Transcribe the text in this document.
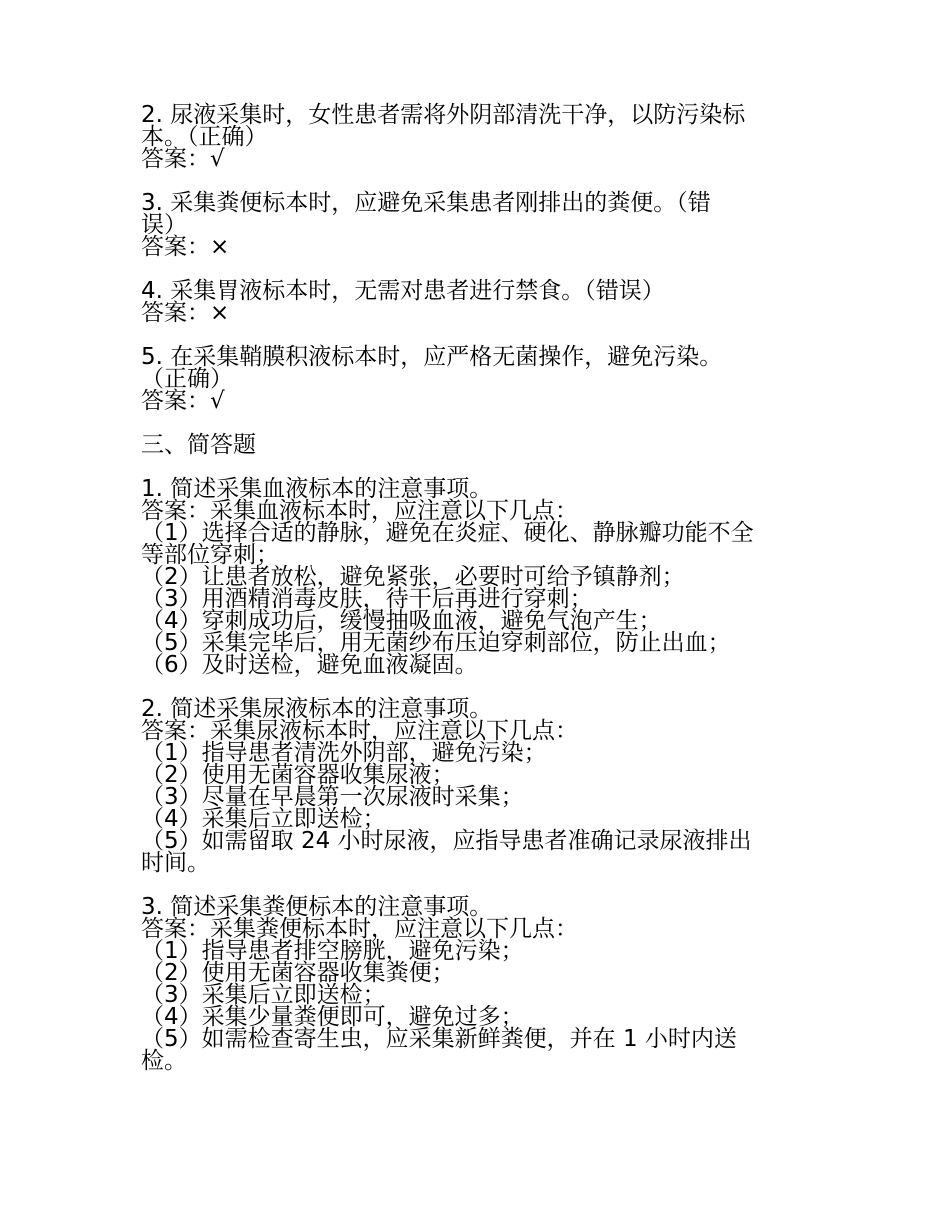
2. 尿液采集时，女性患者需将外阴部清洗干净，以防污染标

本。（正确）

答案：√

3. 采集粪便标本时，应避免采集患者刚排出的粪便。（错

误）

答案：×

4. 采集胃液标本时，无需对患者进行禁食。（错误）

答案：×

5. 在采集鞘膜积液标本时，应严格无菌操作，避免污染。

（正确）

答案：√

三、简答题

1. 简述采集血液标本的注意事项。

答案：采集血液标本时，应注意以下几点：

（1）选择合适的静脉，避免在炎症、硬化、静脉瓣功能不全

等部位穿刺；

（2）让患者放松，避免紧张，必要时可给予镇静剂；

（3）用酒精消毒皮肤，待干后再进行穿刺；

（4）穿刺成功后，缓慢抽吸血液，避免气泡产生；

（5）采集完毕后，用无菌纱布压迫穿刺部位，防止出血；

（6）及时送检，避免血液凝固。

2. 简述采集尿液标本的注意事项。

答案：采集尿液标本时，应注意以下几点：

（1）指导患者清洗外阴部，避免污染；

（2）使用无菌容器收集尿液；

（3）尽量在早晨第一次尿液时采集；

（4）采集后立即送检；

（5）如需留取 24 小时尿液，应指导患者准确记录尿液排出

时间。

3. 简述采集粪便标本的注意事项。

答案：采集粪便标本时，应注意以下几点：

（1）指导患者排空膀胱，避免污染；

（2）使用无菌容器收集粪便；

（3）采集后立即送检；

（4）采集少量粪便即可，避免过多；

（5）如需检查寄生虫，应采集新鲜粪便，并在 1 小时内送

检。
